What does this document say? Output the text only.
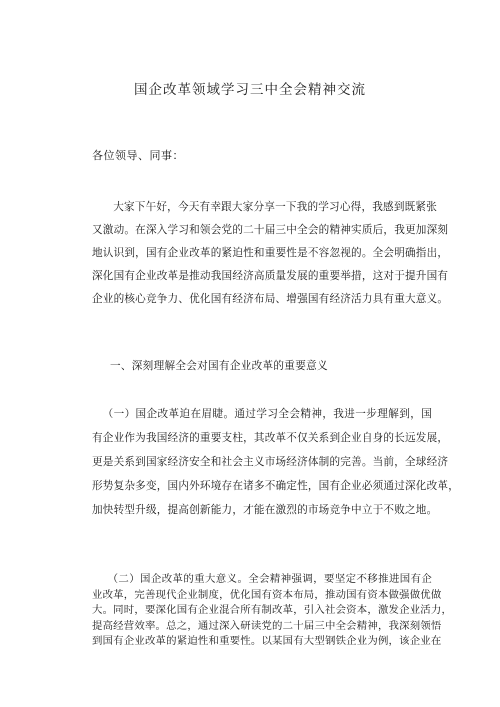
国企改革领域学习三中全会精神交流
各位领导、同事：
大家下午好，今天有幸跟大家分享一下我的学习心得，我感到既紧张
又激动。在深入学习和领会党的二十届三中全会的精神实质后，我更加深刻
地认识到，国有企业改革的紧迫性和重要性是不容忽视的。全会明确指出，
深化国有企业改革是推动我国经济高质量发展的重要举措，这对于提升国有
企业的核心竞争力、优化国有经济布局、增强国有经济活力具有重大意义。
一、深刻理解全会对国有企业改革的重要意义
（一）国企改革迫在眉睫。通过学习全会精神，我进一步理解到，国
有企业作为我国经济的重要支柱，其改革不仅关系到企业自身的长远发展，
更是关系到国家经济安全和社会主义市场经济体制的完善。当前，全球经济
形势复杂多变，国内外环境存在诸多不确定性，国有企业必须通过深化改革，
加快转型升级，提高创新能力，才能在激烈的市场竞争中立于不败之地。
（二）国企改革的重大意义。全会精神强调，要坚定不移推进国有企
业改革，完善现代企业制度，优化国有资本布局，推动国有资本做强做优做
大。同时，要深化国有企业混合所有制改革，引入社会资本，激发企业活力，
提高经营效率。总之，通过深入研读党的二十届三中全会精神，我深刻领悟
到国有企业改革的紧迫性和重要性。以某国有大型钢铁企业为例，该企业在
